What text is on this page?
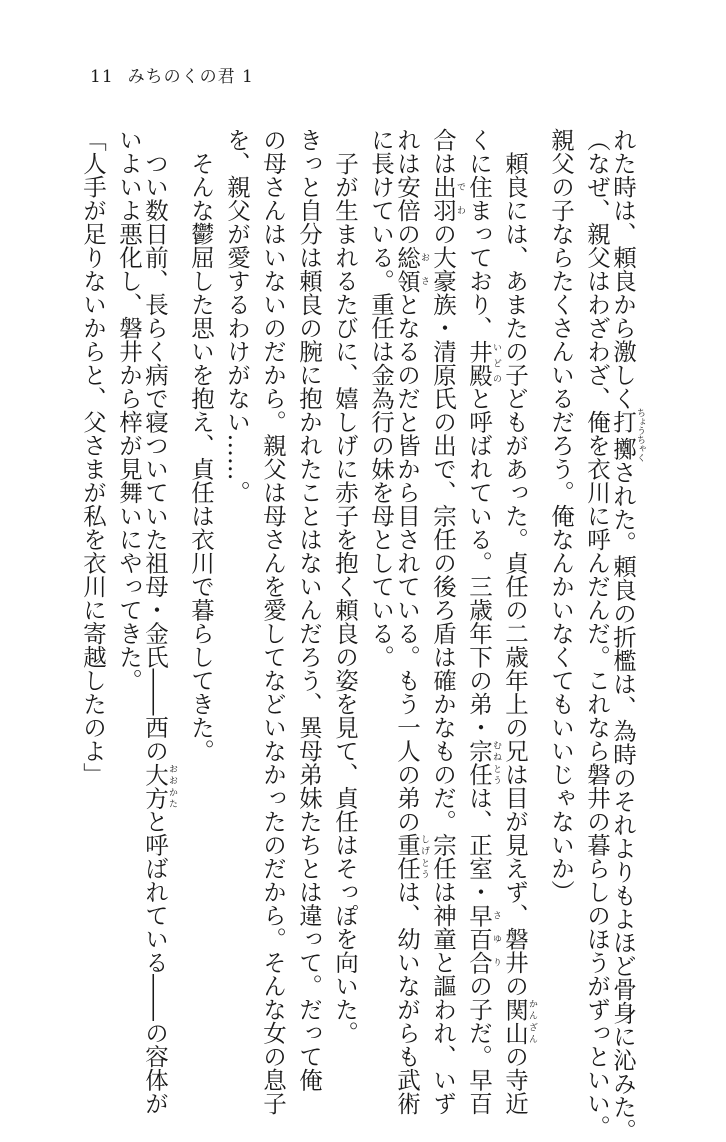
11 みちのくの君 1
れた時は、頼良から激しく打擲ちょうちゃくされた。頼良の折檻は、為時のそれよりもよほど骨身に沁みた。
（なぜ、親父はわざわざ、俺を衣川に呼んだんだ。これなら磐井の暮らしのほうがずっといい。
親父の子ならたくさんいるだろう。俺なんかいなくてもいいじゃないか）
　頼良には、あまたの子どもがあった。貞任の二歳年上の兄は目が見えず、磐井の関山かんざんの寺近
くに住まっており、井殿いどのと呼ばれている。三歳年下の弟・宗任むねとうは、正室・早百合さゆりの子だ。早百
合は出羽でわの大豪族・清原氏の出で、宗任の後ろ盾は確かなものだ。宗任は神童と謳われ、いず
れは安倍の総領おさとなるのだと皆から目されている。もう一人の弟の重任しげとうは、幼いながらも武術
に長けている。重任は金為行の妹を母としている。
　子が生まれるたびに、嬉しげに赤子を抱く頼良の姿を見て、貞任はそっぽを向いた。
きっと自分は頼良の腕に抱かれたことはないんだろう、異母弟妹たちとは違って。だって俺
の母さんはいないのだから。親父は母さんを愛してなどいなかったのだから。そんな女の息子
を、親父が愛するわけがない……。
　そんな鬱屈した思いを抱え、貞任は衣川で暮らしてきた。
　つい数日前、長らく病で寝ついていた祖母・金氏――西の大方おおかたと呼ばれている――の容体が
いよいよ悪化し、磐井から梓が見舞いにやってきた。
「人手が足りないからと、父さまが私を衣川に寄越したのよ」
